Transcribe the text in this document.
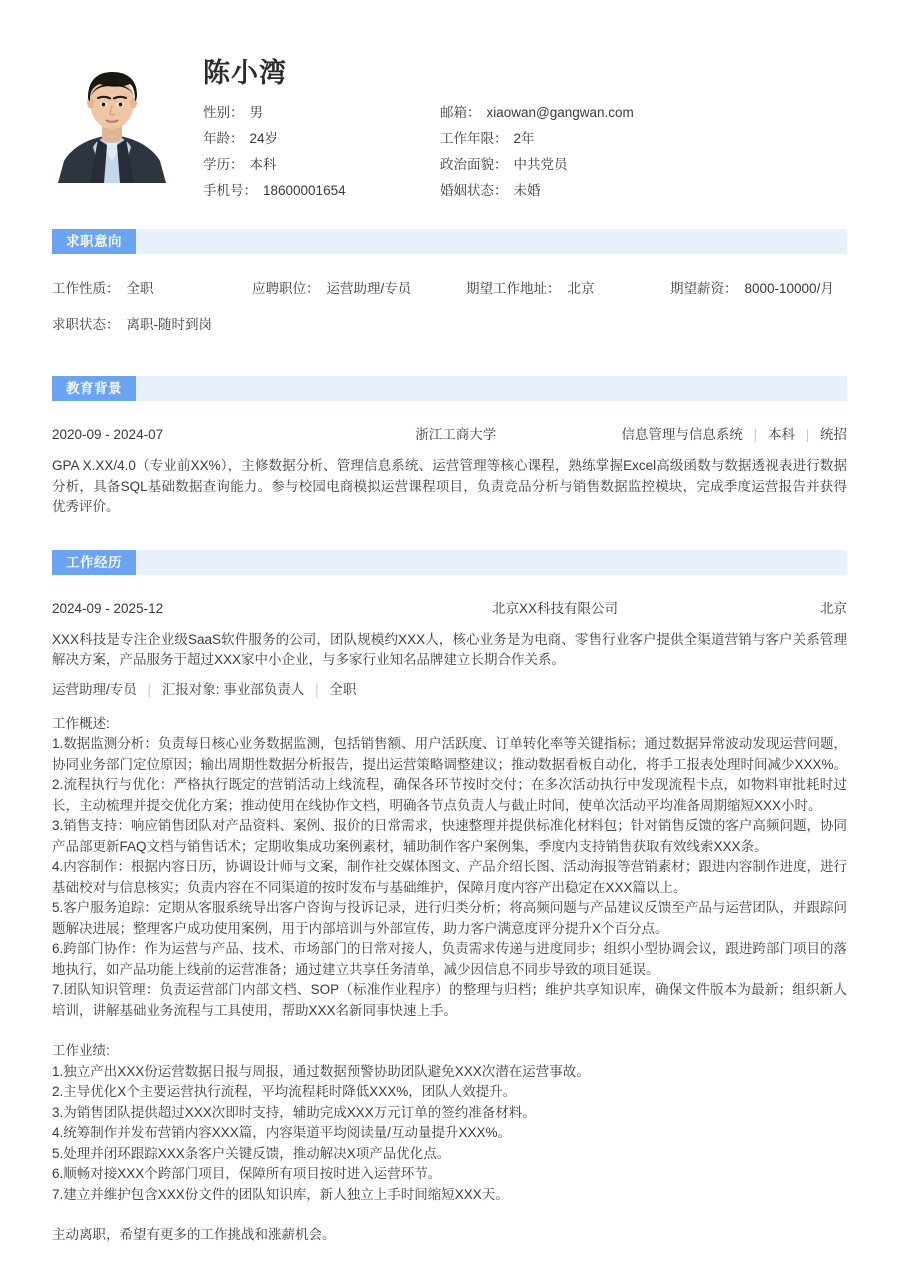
陈小湾
性别： 男	邮箱： xiaowan@gangwan.com
年龄： 24岁	工作年限： 2年
学历： 本科	政治面貌： 中共党员
手机号： 18600001654	婚姻状态： 未婚
求职意向
工作性质： 全职	应聘职位： 运营助理/专员	期望工作地址： 北京	期望薪资： 8000-10000/月
求职状态： 离职-随时到岗
教育背景
2020-09 - 2024-07	浙江工商大学	信息管理与信息系统 | 本科 | 统招
GPA X.XX/4.0（专业前XX%），主修数据分析、管理信息系统、运营管理等核心课程，熟练掌握Excel高级函数与数据透视表进行数据分析，具备SQL基础数据查询能力。参与校园电商模拟运营课程项目，负责竞品分析与销售数据监控模块，完成季度运营报告并获得优秀评价。
工作经历
2024-09 - 2025-12	北京XX科技有限公司	北京
XXX科技是专注企业级SaaS软件服务的公司，团队规模约XXX人，核心业务是为电商、零售行业客户提供全渠道营销与客户关系管理解决方案，产品服务于超过XXX家中小企业，与多家行业知名品牌建立长期合作关系。
运营助理/专员 | 汇报对象: 事业部负责人 | 全职
工作概述:
1.数据监测分析：负责每日核心业务数据监测，包括销售额、用户活跃度、订单转化率等关键指标；通过数据异常波动发现运营问题，协同业务部门定位原因；输出周期性数据分析报告，提出运营策略调整建议；推动数据看板自动化，将手工报表处理时间减少XXX%。
2.流程执行与优化：严格执行既定的营销活动上线流程，确保各环节按时交付；在多次活动执行中发现流程卡点，如物料审批耗时过长，主动梳理并提交优化方案；推动使用在线协作文档，明确各节点负责人与截止时间，使单次活动平均准备周期缩短XXX小时。
3.销售支持：响应销售团队对产品资料、案例、报价的日常需求，快速整理并提供标准化材料包；针对销售反馈的客户高频问题，协同产品部更新FAQ文档与销售话术；定期收集成功案例素材，辅助制作客户案例集，季度内支持销售获取有效线索XXX条。
4.内容制作：根据内容日历，协调设计师与文案，制作社交媒体图文、产品介绍长图、活动海报等营销素材；跟进内容制作进度，进行基础校对与信息核实；负责内容在不同渠道的按时发布与基础维护，保障月度内容产出稳定在XXX篇以上。
5.客户服务追踪：定期从客服系统导出客户咨询与投诉记录，进行归类分析；将高频问题与产品建议反馈至产品与运营团队，并跟踪问题解决进展；整理客户成功使用案例，用于内部培训与外部宣传，助力客户满意度评分提升X个百分点。
6.跨部门协作：作为运营与产品、技术、市场部门的日常对接人，负责需求传递与进度同步；组织小型协调会议，跟进跨部门项目的落地执行，如产品功能上线前的运营准备；通过建立共享任务清单，减少因信息不同步导致的项目延误。
7.团队知识管理：负责运营部门内部文档、SOP（标准作业程序）的整理与归档；维护共享知识库，确保文件版本为最新；组织新人培训，讲解基础业务流程与工具使用，帮助XXX名新同事快速上手。
工作业绩:
1.独立产出XXX份运营数据日报与周报，通过数据预警协助团队避免XXX次潜在运营事故。
2.主导优化X个主要运营执行流程，平均流程耗时降低XXX%，团队人效提升。
3.为销售团队提供超过XXX次即时支持，辅助完成XXX万元订单的签约准备材料。
4.统筹制作并发布营销内容XXX篇，内容渠道平均阅读量/互动量提升XXX%。
5.处理并闭环跟踪XXX条客户关键反馈，推动解决X项产品优化点。
6.顺畅对接XXX个跨部门项目，保障所有项目按时进入运营环节。
7.建立并维护包含XXX份文件的团队知识库，新人独立上手时间缩短XXX天。
主动离职，希望有更多的工作挑战和涨薪机会。
